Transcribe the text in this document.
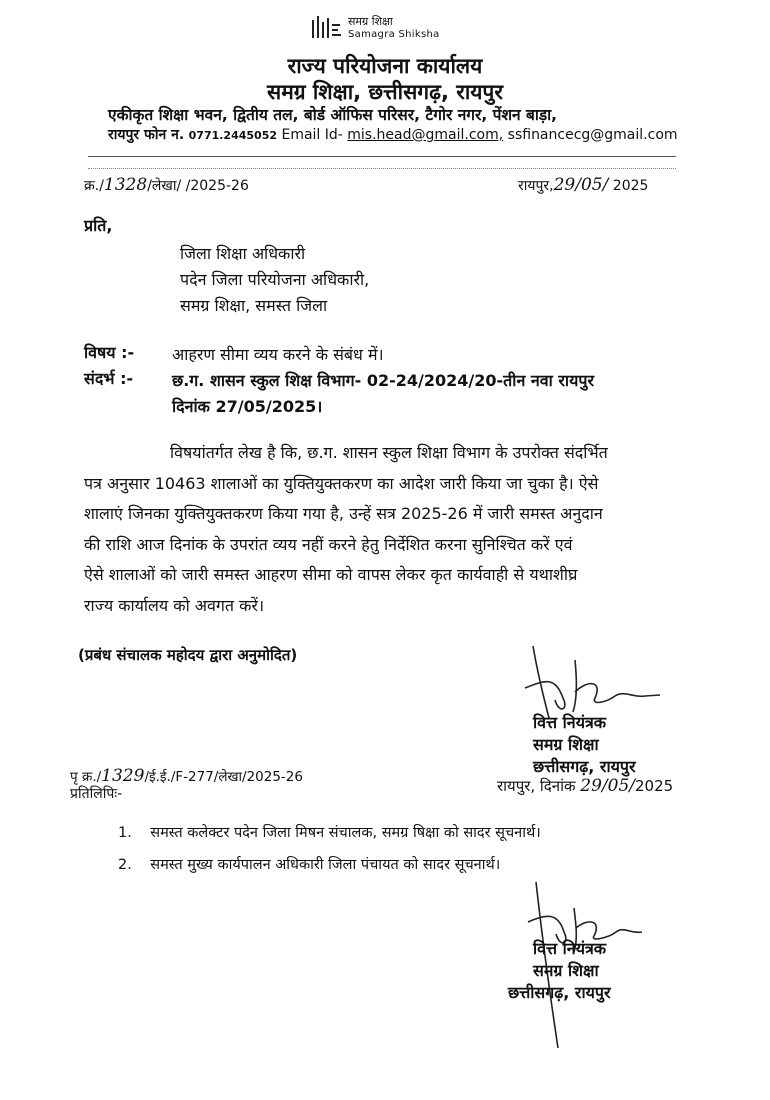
समग्र शिक्षा
Samagra Shiksha
राज्य परियोजना कार्यालय
समग्र शिक्षा, छत्तीसगढ़, रायपुर
एकीकृत शिक्षा भवन, द्वितीय तल, बोर्ड ऑफिस परिसर, टैगोर नगर, पेंशन बाड़ा,
रायपुर फोन न. 0771.2445052 Email Id- mis.head@gmail.com, ssfinancecg@gmail.com
क्र./1328/लेखा/ /2025-26	रायपुर,29/05/ 2025
प्रति,
जिला शिक्षा अधिकारी
पदेन जिला परियोजना अधिकारी,
समग्र शिक्षा, समस्त जिला
विषय :- आहरण सीमा व्यय करने के संबंध में।
संदर्भ :- छ.ग. शासन स्कुल शिक्ष विभाग- 02-24/2024/20-तीन नवा रायपुर
दिनांक 27/05/2025।
विषयांतर्गत लेख है कि, छ.ग. शासन स्कुल शिक्षा विभाग के उपरोक्त संदर्भित
पत्र अनुसार 10463 शालाओं का युक्तियुक्तकरण का आदेश जारी किया जा चुका है। ऐसे
शालाएं जिनका युक्तियुक्तकरण किया गया है, उन्हें सत्र 2025-26 में जारी समस्त अनुदान
की राशि आज दिनांक के उपरांत व्यय नहीं करने हेतु निर्देशित करना सुनिश्चित करें एवं
ऐसे शालाओं को जारी समस्त आहरण सीमा को वापस लेकर कृत कार्यवाही से यथाशीघ्र
राज्य कार्यालय को अवगत करें।
(प्रबंध संचालक महोदय द्वारा अनुमोदित)
वित्त नियंत्रक
समग्र शिक्षा
छत्तीसगढ़, रायपुर
पृ क्र./1329/ई.ई./F-277/लेखा/2025-26	रायपुर, दिनांक 29/05/2025
प्रतिलिपिः-
1. समस्त कलेक्टर पदेन जिला मिषन संचालक, समग्र षिक्षा को सादर सूचनार्थ।
2. समस्त मुख्य कार्यपालन अधिकारी जिला पंचायत को सादर सूचनार्थ।
वित्त नियंत्रक
समग्र शिक्षा
छत्तीसगढ़, रायपुर
